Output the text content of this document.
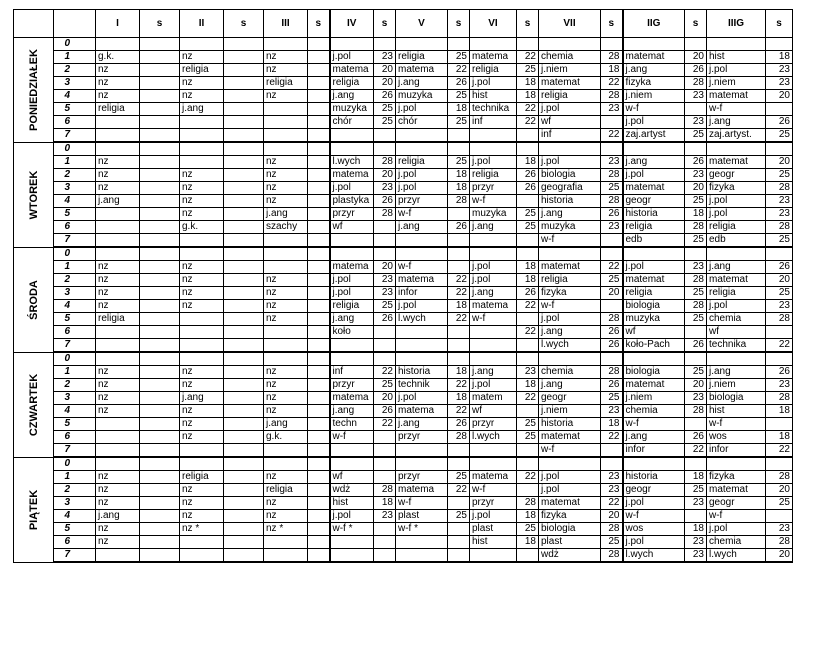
		I	s	II	s	III	s	IV	s	V	s	VI	s	VII	s	IIG	s	IIIG	s

PONIEDZIAŁEK	0																		
	1	g.k.		nz		nz		j.pol	23	religia	25	matema	22	chemia	28	matemat	20	hist	18
	2	nz		religia		nz		matema	20	matema	22	religia	25	j.niem	18	j.ang	26	j.pol	23
	3	nz		nz		religia		religia	20	j.ang	26	j.pol	18	matemat	22	fizyka	28	j.niem	23
	4	nz		nz		nz		j.ang	26	muzyka	25	hist	18	religia	28	j.niem	23	matemat	20
	5	religia		j.ang				muzyka	25	j.pol	18	technika	22	j.pol	23	w-f		w-f	
	6							chór	25	chór	25	inf	22	wf		j.pol	23	j.ang	26
	7													inf	22	zaj.artyst	25	zaj.artyst.	25

WTOREK	0																		
	1	nz				nz		l.wych	28	religia	25	j.pol	18	j.pol	23	j.ang	26	matemat	20
	2	nz		nz		nz		matema	20	j.pol	18	religia	26	biologia	28	j.pol	23	geogr	25
	3	nz		nz		nz		j.pol	23	j.pol	18	przyr	26	geografia	25	matemat	20	fizyka	28
	4	j.ang		nz		nz		plastyka	26	przyr	28	w-f		historia	28	geogr	25	j.pol	23
	5			nz		j.ang		przyr	28	w-f		muzyka	25	j.ang	26	historia	18	j.pol	23
	6			g.k.		szachy		wf		j.ang	26	j.ang	25	muzyka	23	religia	28	religia	28
	7													w-f		edb	25	edb	25

ŚRODA	0																		
	1	nz		nz				matema	20	w-f		j.pol	18	matemat	22	j.pol	23	j.ang	26
	2	nz		nz		nz		j.pol	23	matema	22	j.pol	18	religia	25	matemat	28	matemat	20
	3	nz		nz		nz		j.pol	23	infor	22	j.ang	26	fizyka	20	religia	25	religia	25
	4	nz		nz		nz		religia	25	j.pol	18	matema	22	w-f		biologia	28	j.pol	23
	5	religia				nz		j.ang	26	l.wych	22	w-f		j.pol	28	muzyka	25	chemia	28
	6							koło					22	j.ang	26	wf		wf	
	7													l.wych	26	koło-Pach	26	technika	22

CZWARTEK	0																		
	1	nz		nz		nz		inf	22	historia	18	j.ang	23	chemia	28	biologia	25	j.ang	26
	2	nz		nz		nz		przyr	25	technik	22	j.pol	18	j.ang	26	matemat	20	j.niem	23
	3	nz		j.ang		nz		matema	20	j.pol	18	matem	22	geogr	25	j.niem	23	biologia	28
	4	nz		nz		nz		j.ang	26	matema	22	wf		j.niem	23	chemia	28	hist	18
	5			nz		j.ang		techn	22	j.ang	26	przyr	25	historia	18	w-f		w-f	
	6			nz		g.k.		w-f		przyr	28	l.wych	25	matemat	22	j.ang	26	wos	18
	7													w-f		infor	22	infor	22

PIĄTEK	0																		
	1	nz		religia		nz		wf		przyr	25	matema	22	j.pol	23	historia	18	fizyka	28
	2	nz		nz		religia		wdż	28	matema	22	w-f		j.pol	23	geogr	25	matemat	20
	3	nz		nz		nz		hist	18	w-f		przyr	28	matemat	22	j.pol	23	geogr	25
	4	j.ang		nz		nz		j.pol	23	plast	25	j.pol	18	fizyka	20	w-f		w-f	
	5	nz		nz *		nz *		w-f *		w-f *		plast	25	biologia	28	wos	18	j.pol	23
	6	nz										hist	18	plast	25	j.pol	23	chemia	28
	7													wdż	28	l.wych	23	l.wych	20
